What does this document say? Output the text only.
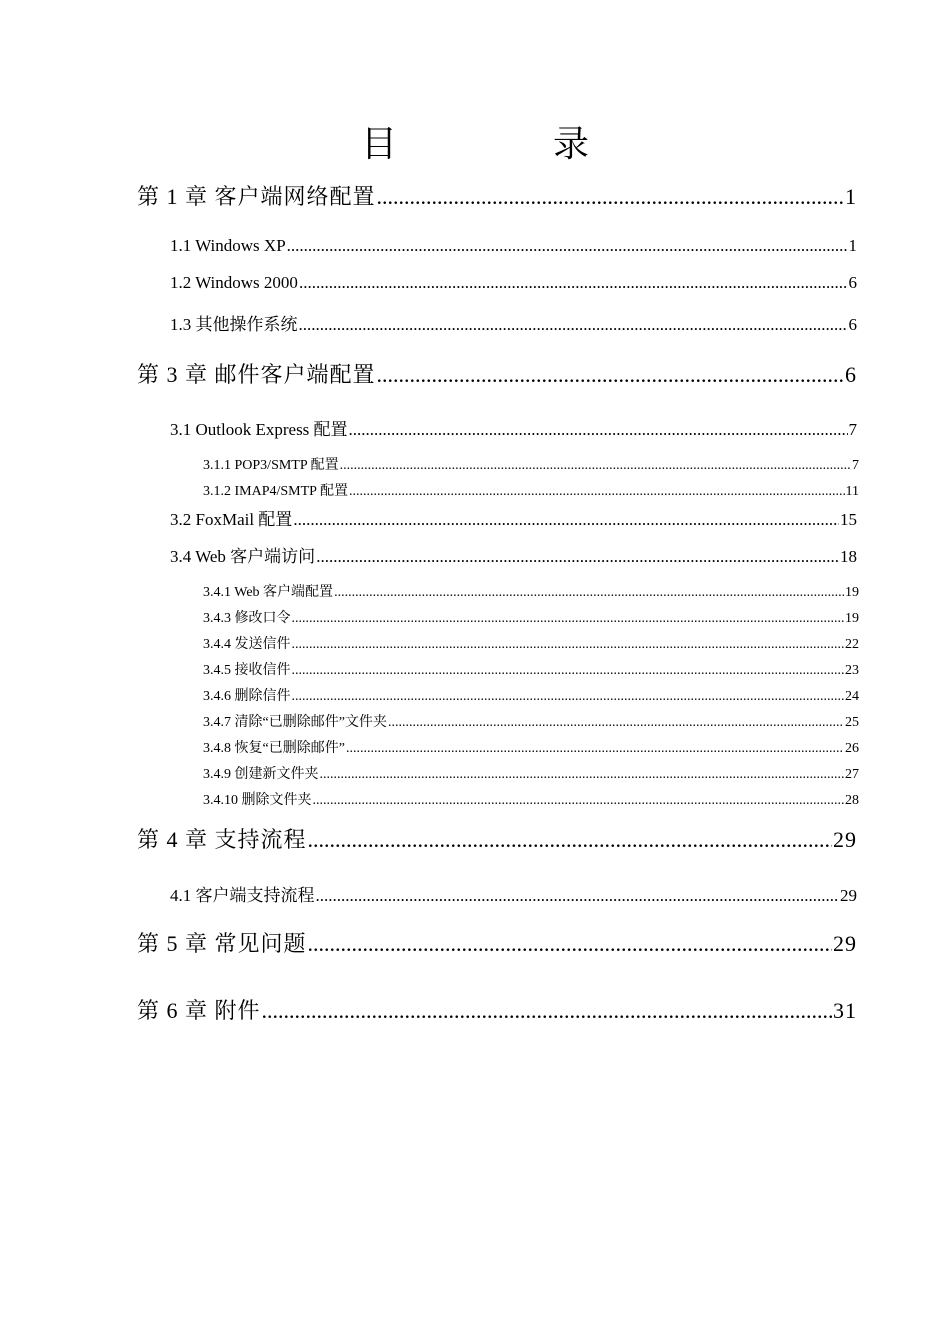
目　录
第 1 章 客户端网络配置 .....	1
1.1 Windows XP .....	1
1.2 Windows 2000 .....	6
1.3 其他操作系统 .....	6
第 3 章 邮件客户端配置 .....	6
3.1 Outlook Express 配置 .....	7
3.1.1 POP3/SMTP 配置 .....	7
3.1.2 IMAP4/SMTP 配置 .....	11
3.2 FoxMail 配置 .....	15
3.4 Web 客户端访问 .....	18
3.4.1 Web 客户端配置 .....	19
3.4.3 修改口令 .....	19
3.4.4 发送信件 .....	22
3.4.5 接收信件 .....	23
3.4.6 删除信件 .....	24
3.4.7 清除“已删除邮件”文件夹 .....	25
3.4.8 恢复“已删除邮件” .....	26
3.4.9 创建新文件夹 .....	27
3.4.10 删除文件夹 .....	28
第 4 章 支持流程 .....	29
4.1 客户端支持流程 .....	29
第 5 章 常见问题 .....	29
第 6 章 附件 .....	31
